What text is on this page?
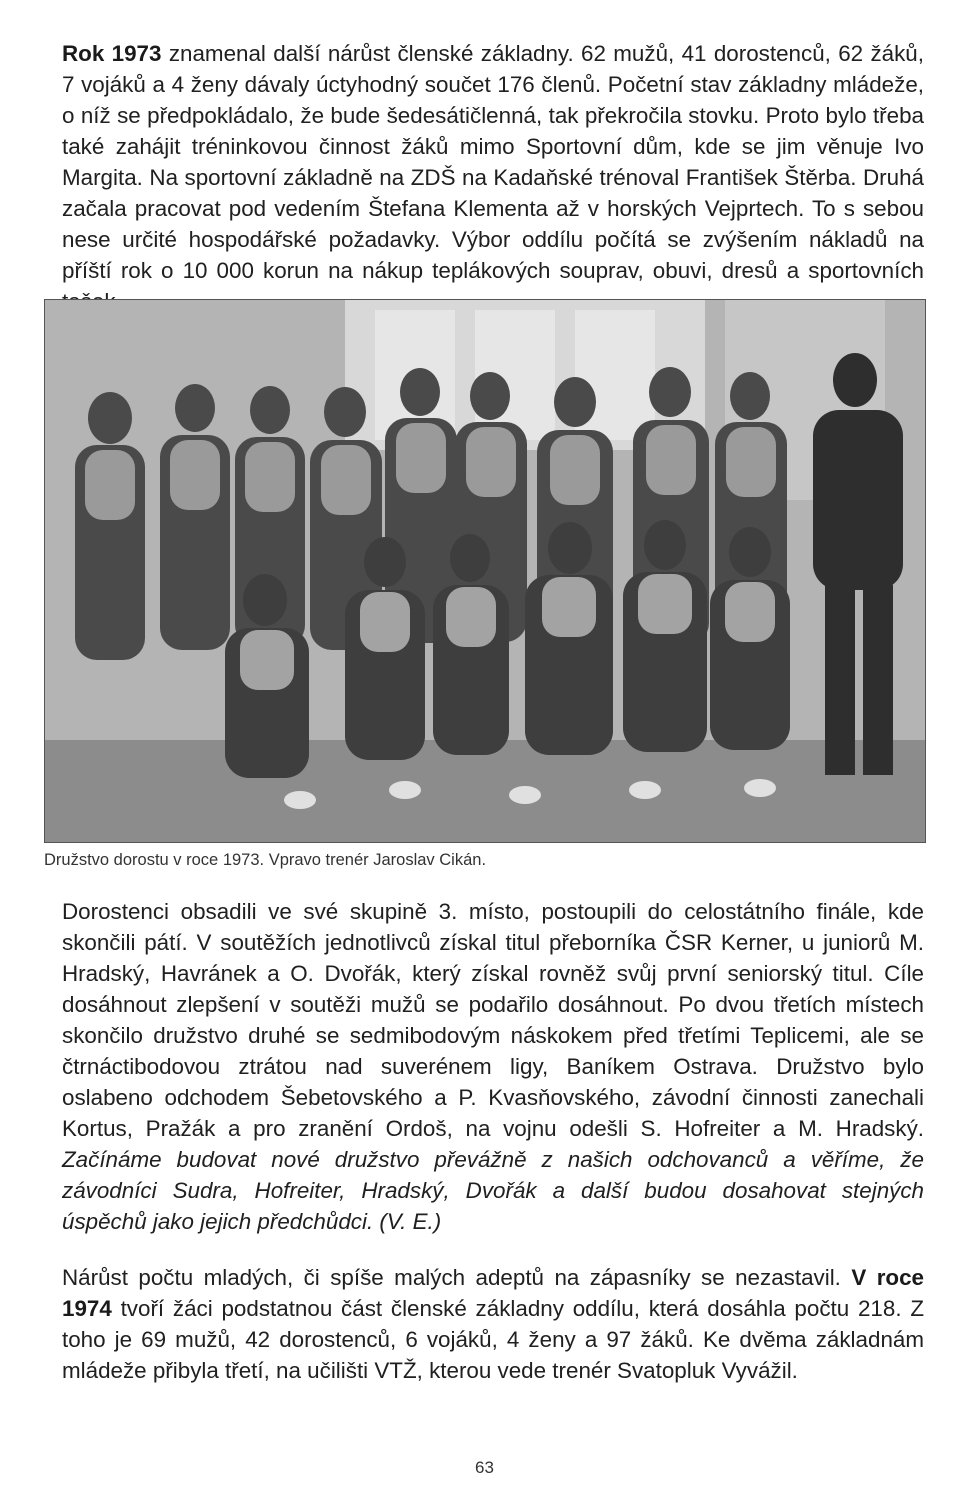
Rok 1973 znamenal další nárůst členské základny. 62 mužů, 41 dorostenců, 62 žáků, 7 vojáků a 4 ženy dávaly úctyhodný součet 176 členů. Početní stav základny mládeže, o níž se předpokládalo, že bude šedesátičlenná, tak překročila stovku. Proto bylo třeba také zahájit tréninkovou činnost žáků mimo Sportovní dům, kde se jim věnuje Ivo Margita. Na sportovní základně na ZDŠ na Kadaňské trénoval František Štěrba. Druhá začala pracovat pod vedením Štefana Klementa až v horských Vejprtech. To s sebou nese určité hospodářské požadavky. Výbor oddílu počítá se zvýšením nákladů na příští rok o 10 000 korun na nákup teplákových souprav, obuvi, dresů a sportovních

Družstvo dorostu v roce 1973. Vpravo trenér Jaroslav Cikán.

Dorostenci obsadili ve své skupině 3. místo, postoupili do celostátního finále, kde skončili pátí. V soutěžích jednotlivců získal titul přeborníka ČSR Kerner, u juniorů M. Hradský, Havránek a O. Dvořák, který získal rovněž svůj první seniorský titul. Cíle dosáhnout zlepšení v soutěži mužů se podařilo dosáhnout. Po dvou třetích místech skončilo družstvo druhé se sedmibodovým náskokem před třetími Teplicemi, ale se čtrnáctibodovou ztrátou nad suverénem ligy, Baníkem Ostrava. Družstvo bylo oslabeno odchodem Šebetovského a P. Kvasňovského, závodní činnosti zanechali Kortus, Pražák a pro zranění Ordoš, na vojnu odešli S. Hofreiter a M. Hradský. Začínáme budovat nové družstvo převážně z našich odchovanců a věříme, že závodníci Sudra, Hofreiter, Hradský, Dvořák a další budou dosahovat stejných úspěchů jako jejich předchůdci. (V. E.)

Nárůst počtu mladých, či spíše malých adeptů na zápasníky se nezastavil. V roce 1974 tvoří žáci podstatnou část členské základny oddílu, která dosáhla počtu 218. Z toho je 69 mužů, 42 dorostenců, 6 vojáků, 4 ženy a 97 žáků. Ke dvěma základnám mládeže přibyla třetí, na učilišti VTŽ, kterou vede trenér Svatopluk Vyvážil.

63
